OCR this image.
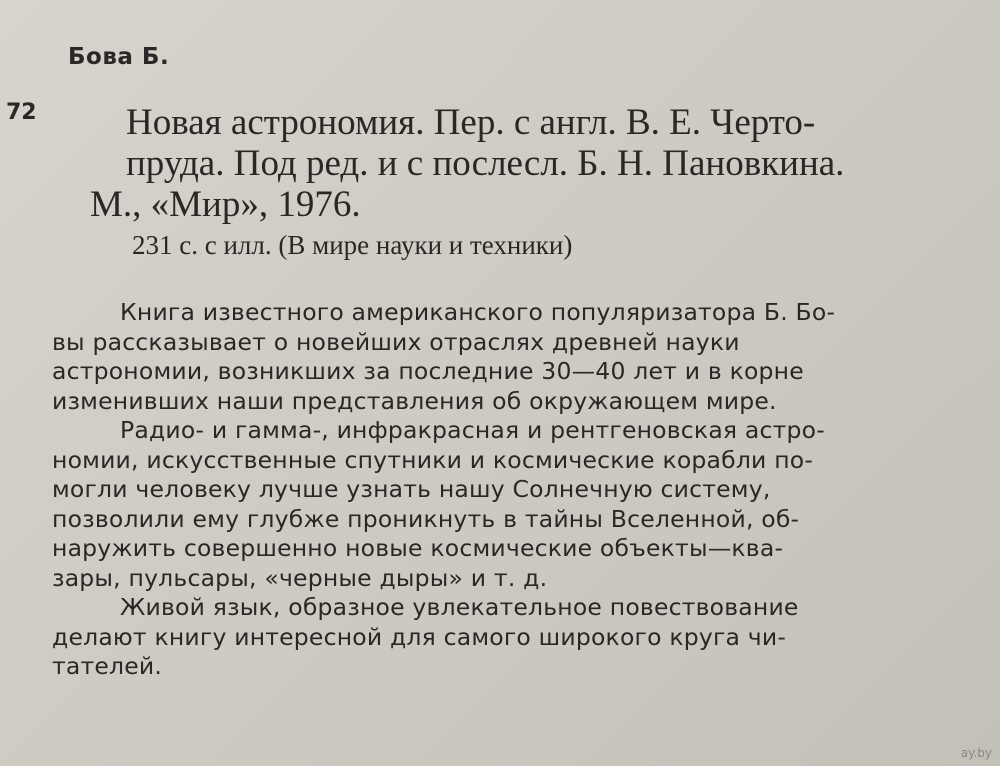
Бова Б.
72	Новая астрономия. Пер. с англ. В. Е. Черто-
пруда. Под ред. и с послесл. Б. Н. Пановкина.
М., «Мир», 1976.
231 с. с илл. (В мире науки и техники)
Книга известного американского популяризатора Б. Бо-
вы рассказывает о новейших отраслях древней науки
астрономии, возникших за последние 30—40 лет и в корне
изменивших наши представления об окружающем мире.
Радио- и гамма-, инфракрасная и рентгеновская астро-
номии, искусственные спутники и космические корабли по-
могли человеку лучше узнать нашу Солнечную систему,
позволили ему глубже проникнуть в тайны Вселенной, об-
наружить совершенно новые космические объекты—ква-
зары, пульсары, «черные дыры» и т. д.
Живой язык, образное увлекательное повествование
делают книгу интересной для самого широкого круга чи-
тателей.
ay.by
